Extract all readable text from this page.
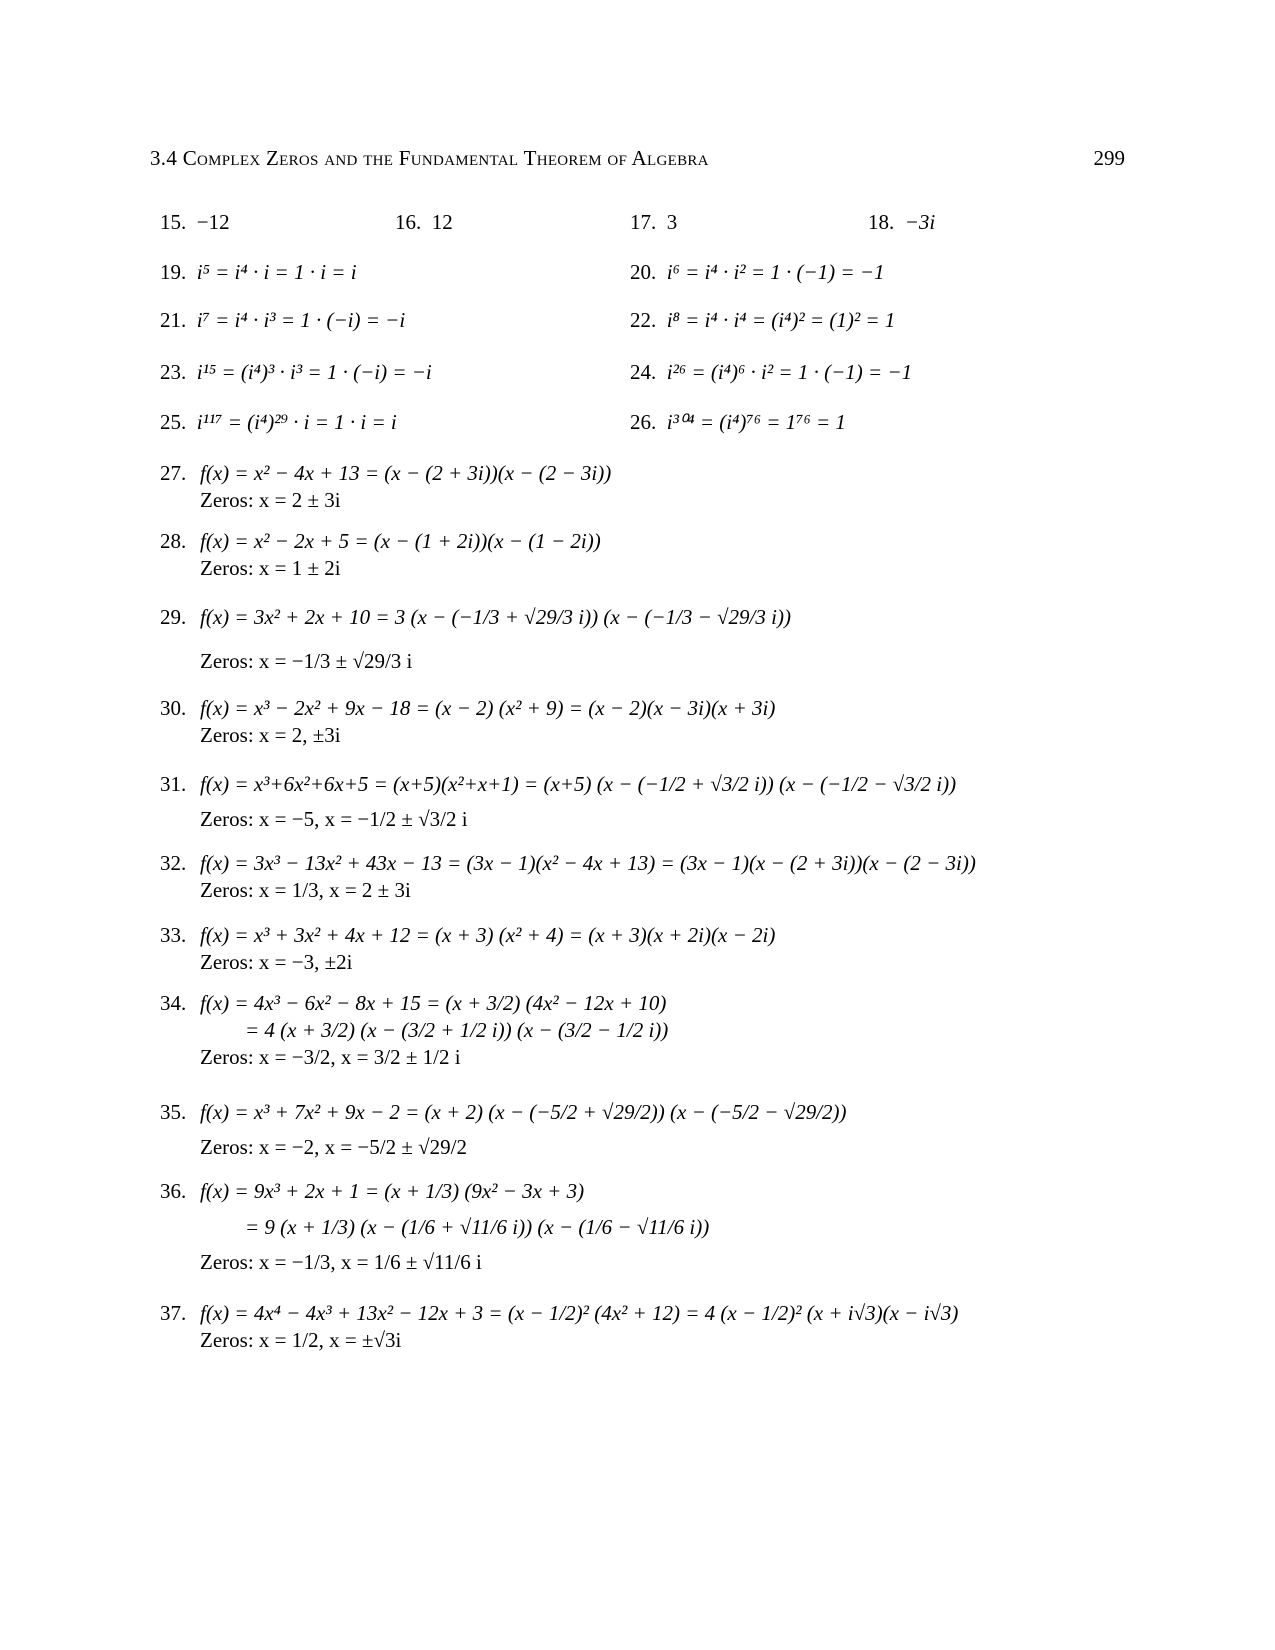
3.4 Complex Zeros and the Fundamental Theorem of Algebra	299
15. −12	16. 12	17. 3	18. −3i
19. i⁵ = i⁴ · i = 1 · i = i	20. i⁶ = i⁴ · i² = 1 · (−1) = −1
21. i⁷ = i⁴ · i³ = 1 · (−i) = −i	22. i⁸ = i⁴ · i⁴ = (i⁴)² = (1)² = 1
23. i¹⁵ = (i⁴)³ · i³ = 1 · (−i) = −i	24. i²⁶ = (i⁴)⁶ · i² = 1 · (−1) = −1
25. i¹¹⁷ = (i⁴)²⁹ · i = 1 · i = i	26. i³⁰⁴ = (i⁴)⁷⁶ = 1⁷⁶ = 1
27. f(x) = x² − 4x + 13 = (x − (2 + 3i))(x − (2 − 3i))
Zeros: x = 2 ± 3i
28. f(x) = x² − 2x + 5 = (x − (1 + 2i))(x − (1 − 2i))
Zeros: x = 1 ± 2i
29. f(x) = 3x² + 2x + 10 = 3 (x − (−1/3 + √29/3 i)) (x − (−1/3 − √29/3 i))
Zeros: x = −1/3 ± √29/3 i
30. f(x) = x³ − 2x² + 9x − 18 = (x − 2) (x² + 9) = (x − 2)(x − 3i)(x + 3i)
Zeros: x = 2, ±3i
31. f(x) = x³+6x²+6x+5 = (x+5)(x²+x+1) = (x+5) (x − (−1/2 + √3/2 i)) (x − (−1/2 − √3/2 i))
Zeros: x = −5, x = −1/2 ± √3/2 i
32. f(x) = 3x³ − 13x² + 43x − 13 = (3x − 1)(x² − 4x + 13) = (3x − 1)(x − (2 + 3i))(x − (2 − 3i))
Zeros: x = 1/3, x = 2 ± 3i
33. f(x) = x³ + 3x² + 4x + 12 = (x + 3) (x² + 4) = (x + 3)(x + 2i)(x − 2i)
Zeros: x = −3, ±2i
34. f(x) = 4x³ − 6x² − 8x + 15 = (x + 3/2) (4x² − 12x + 10)
= 4 (x + 3/2) (x − (3/2 + 1/2 i)) (x − (3/2 − 1/2 i))
Zeros: x = −3/2, x = 3/2 ± 1/2 i
35. f(x) = x³ + 7x² + 9x − 2 = (x + 2) (x − (−5/2 + √29/2)) (x − (−5/2 − √29/2))
Zeros: x = −2, x = −5/2 ± √29/2
36. f(x) = 9x³ + 2x + 1 = (x + 1/3) (9x² − 3x + 3)
= 9 (x + 1/3) (x − (1/6 + √11/6 i)) (x − (1/6 − √11/6 i))
Zeros: x = −1/3, x = 1/6 ± √11/6 i
37. f(x) = 4x⁴ − 4x³ + 13x² − 12x + 3 = (x − 1/2)² (4x² + 12) = 4 (x − 1/2)² (x + i√3)(x − i√3)
Zeros: x = 1/2, x = ±√3i
